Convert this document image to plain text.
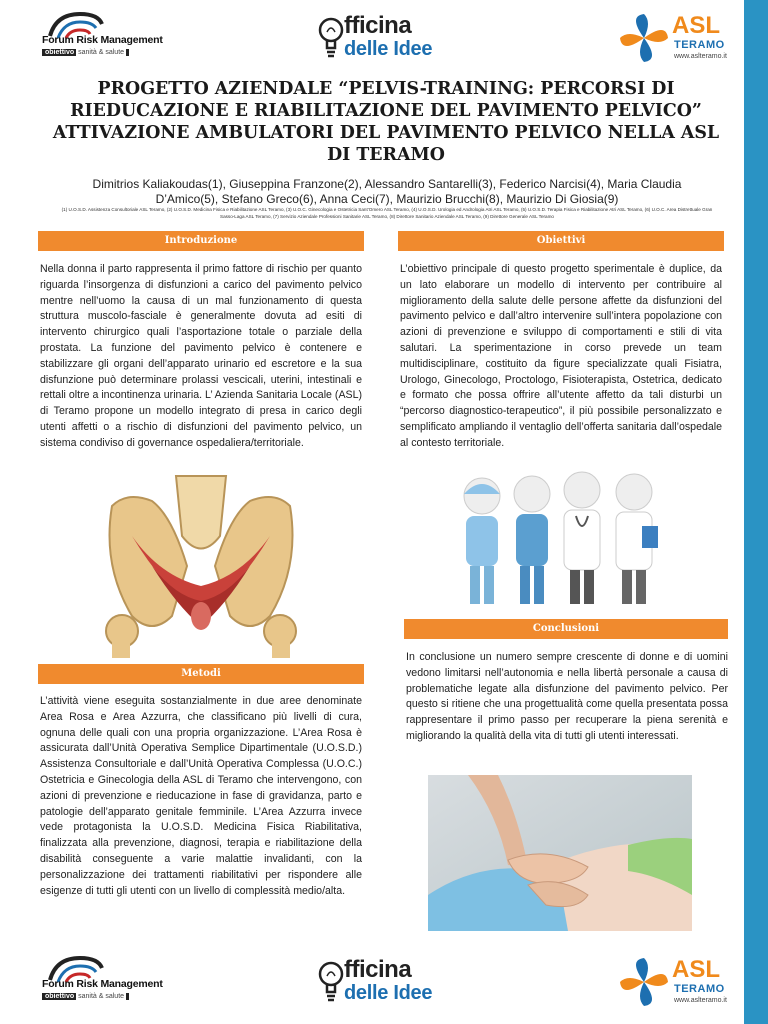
Forum Risk Management
obiettivo sanità & salute
fficina
delle Idee
ASL
TERAMO
www.aslteramo.it
PROGETTO AZIENDALE “PELVIS-TRAINING: PERCORSI DI RIEDUCAZIONE E RIABILITAZIONE DEL PAVIMENTO PELVICO” ATTIVAZIONE AMBULATORI DEL PAVIMENTO PELVICO NELLA ASL DI TERAMO
Dimitrios Kaliakoudas(1), Giuseppina Franzone(2), Alessandro Santarelli(3), Federico Narcisi(4), Maria Claudia D’Amico(5), Stefano Greco(6), Anna Ceci(7), Maurizio Brucchi(8), Maurizio Di Giosia(9)
(1) U.O.S.D. Assistenza Consultoriale ASL Teramo, (2) U.O.S.D. Medicina Fisica e Riabilitazione ASL Teramo, (3) U.O.C. Ginecologia e Ostetricia Sant’Omero ASL Teramo, (4) U.O.S.D. Urologia ed Andrologia Atri ASL Teramo, (5) U.O.S.D. Terapia Fisica e Riabilitazione Atri ASL Teramo, (6) U.O.C. Area Distrettuale Gran Sasso-Laga ASL Teramo, (7) Servizio Aziendale Professioni Sanitarie ASL Teramo, (8) Direttore Sanitario Aziendale ASL Teramo, (9) Direttore Generale ASL Teramo
Introduzione
Nella donna il parto rappresenta il primo fattore di rischio per quanto riguarda l’insorgenza di disfunzioni a carico del pavimento pelvico mentre nell’uomo la causa di un mal funzionamento di questa struttura muscolo-fasciale è generalmente dovuta ad esiti di intervento chirurgico quali l’asportazione totale o parziale della prostata. La funzione del pavimento pelvico è contenere e stabilizzare gli organi dell’apparato urinario ed escretore e la sua disfunzione può determinare prolassi vescicali, uterini, intestinali e rettali oltre a incontinenza urinaria. L’ Azienda Sanitaria Locale (ASL) di Teramo propone un modello integrato di presa in carico degli utenti affetti o a rischio di disfunzioni del pavimento pelvico, un sistema condiviso di governance ospedaliera/territoriale.
Metodi
L’attività viene eseguita sostanzialmente in due aree denominate Area Rosa e Area Azzurra, che classificano più livelli di cura, ognuna delle quali con una propria organizzazione. L’Area Rosa è assicurata dall’Unità Operativa Semplice Dipartimentale (U.O.S.D.) Assistenza Consultoriale e dall’Unità Operativa Complessa (U.O.C.) Ostetricia e Ginecologia della ASL di Teramo che intervengono, con azioni di prevenzione e rieducazione in fase di gravidanza, parto e patologie dell’apparato genitale femminile. L’Area Azzurra invece vede protagonista la U.O.S.D. Medicina Fisica Riabilitativa, finalizzata alla prevenzione, diagnosi, terapia e riabilitazione della disabilità conseguente a varie malattie invalidanti, con la personalizzazione dei trattamenti riabilitativi per rispondere alle esigenze di tutti gli utenti con un livello di complessità medio/alta.
Obiettivi
L’obiettivo principale di questo progetto sperimentale è duplice, da un lato elaborare un modello di intervento per contribuire al miglioramento della salute delle persone affette da disfunzioni del pavimento pelvico e dall’altro intervenire sull’intera popolazione con azioni di prevenzione e sviluppo di comportamenti e stili di vita salutari. La sperimentazione in corso prevede un team multidisciplinare, costituito da figure specializzate quali Fisiatra, Urologo, Ginecologo, Proctologo, Fisioterapista, Ostetrica, dedicato e formato che possa offrire all’utente affetto da tali disturbi un “percorso diagnostico-terapeutico”, il più possibile personalizzato e semplificato ampliando il ventaglio dell’offerta sanitaria dall’ospedale al contesto territoriale.
Conclusioni
In conclusione un numero sempre crescente di donne e di uomini vedono limitarsi nell’autonomia e nella libertà personale a causa di problematiche legate alla disfunzione del pavimento pelvico. Per questo si ritiene che una progettualità come quella presentata possa rappresentare il primo passo per recuperare la piena serenità e migliorando la qualità della vita di tutti gli utenti interessati.
Forum Risk Management
obiettivo sanità & salute
fficina
delle Idee
ASL
TERAMO
www.aslteramo.it
